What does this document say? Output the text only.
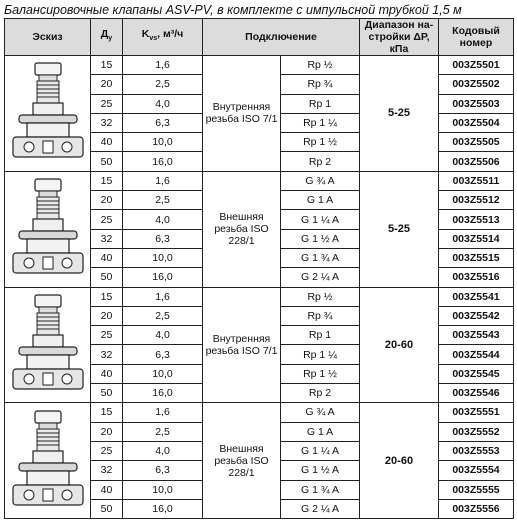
Балансировочные клапаны ASV-PV, в комплекте с импульсной трубкой 1,5 м
Эскиз	$Д_у$	$K_{vs}$, м³/ч	Подключение		Диапазон на-стройки ΔP, кПа	Кодовый номер

	15	1,6	Внутренняя резьба ISO 7/1	Rp ½	5-25	003Z5501
	20	2,5		Rp ¾		003Z5502
	25	4,0		Rp 1		003Z5503
	32	6,3		Rp 1 ¼		003Z5504
	40	10,0		Rp 1 ½		003Z5505
	50	16,0		Rp 2		003Z5506

	15	1,6	Внешняя резьба ISO 228/1	G ¾ A	5-25	003Z5511
	20	2,5		G 1 A		003Z5512
	25	4,0		G 1 ¼ A		003Z5513
	32	6,3		G 1 ½ A		003Z5514
	40	10,0		G 1 ¾ A		003Z5515
	50	16,0		G 2 ¼ A		003Z5516

	15	1,6	Внутренняя резьба ISO 7/1	Rp ½	20-60	003Z5541
	20	2,5		Rp ¾		003Z5542
	25	4,0		Rp 1		003Z5543
	32	6,3		Rp 1 ¼		003Z5544
	40	10,0		Rp 1 ½		003Z5545
	50	16,0		Rp 2		003Z5546

	15	1,6	Внешняя резьба ISO 228/1	G ¾ A	20-60	003Z5551
	20	2,5		G 1 A		003Z5552
	25	4,0		G 1 ¼ A		003Z5553
	32	6,3		G 1 ½ A		003Z5554
	40	10,0		G 1 ¾ A		003Z5555
	50	16,0		G 2 ¼ A		003Z5556
